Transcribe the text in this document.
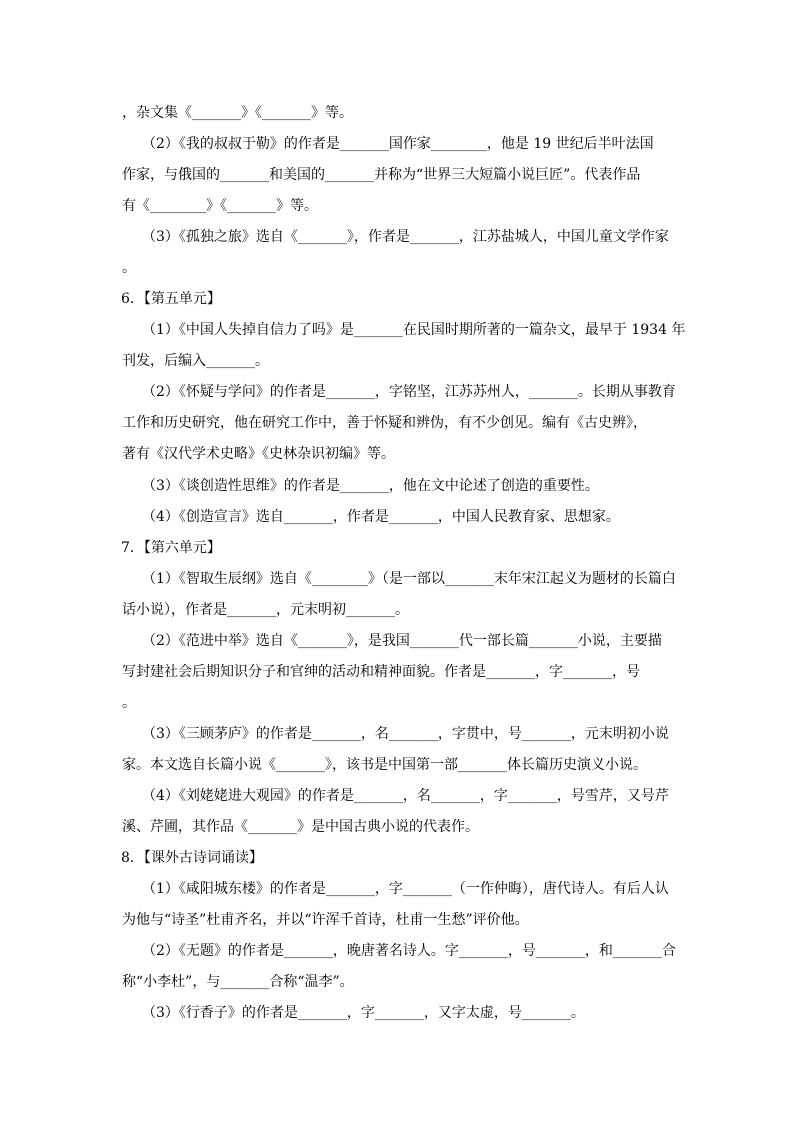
，杂文集《_______》《_______》等。
（2）《我的叔叔于勒》的作者是_______国作家________，他是 19 世纪后半叶法国
作家，与俄国的_______和美国的_______并称为“世界三大短篇小说巨匠”。代表作品
有《________》《_______》等。
（3）《孤独之旅》选自《_______》，作者是_______，江苏盐城人，中国儿童文学作家
。
6．【第五单元】
（1）《中国人失掉自信力了吗》是_______在民国时期所著的一篇杂文，最早于 1934 年
刊发，后编入_______。
（2）《怀疑与学问》的作者是_______，字铭坚，江苏苏州人，_______。长期从事教育
工作和历史研究，他在研究工作中，善于怀疑和辨伪，有不少创见。编有《古史辨》，
著有《汉代学术史略》《史林杂识初编》等。
（3）《谈创造性思维》的作者是_______，他在文中论述了创造的重要性。
（4）《创造宣言》选自_______，作者是_______，中国人民教育家、思想家。
7．【第六单元】
（1）《智取生辰纲》选自《________》（是一部以_______末年宋江起义为题材的长篇白
话小说），作者是_______，元末明初_______。
（2）《范进中举》选自《_______》，是我国_______代一部长篇_______小说，主要描
写封建社会后期知识分子和官绅的活动和精神面貌。作者是_______，字_______，号
。
（3）《三顾茅庐》的作者是_______，名_______，字贯中，号_______，元末明初小说
家。本文选自长篇小说《_______》，该书是中国第一部_______体长篇历史演义小说。
（4）《刘姥姥进大观园》的作者是_______，名_______，字_______，号雪芹，又号芹
溪、芹圃，其作品《_______》是中国古典小说的代表作。
8．【课外古诗词诵读】
（1）《咸阳城东楼》的作者是_______，字_______（一作仲晦），唐代诗人。有后人认
为他与“诗圣”杜甫齐名，并以“许浑千首诗，杜甫一生愁”评价他。
（2）《无题》的作者是_______，晚唐著名诗人。字_______，号_______，和_______合
称“小李杜”，与_______合称“温李”。
（3）《行香子》的作者是_______，字_______，又字太虚，号_______。
